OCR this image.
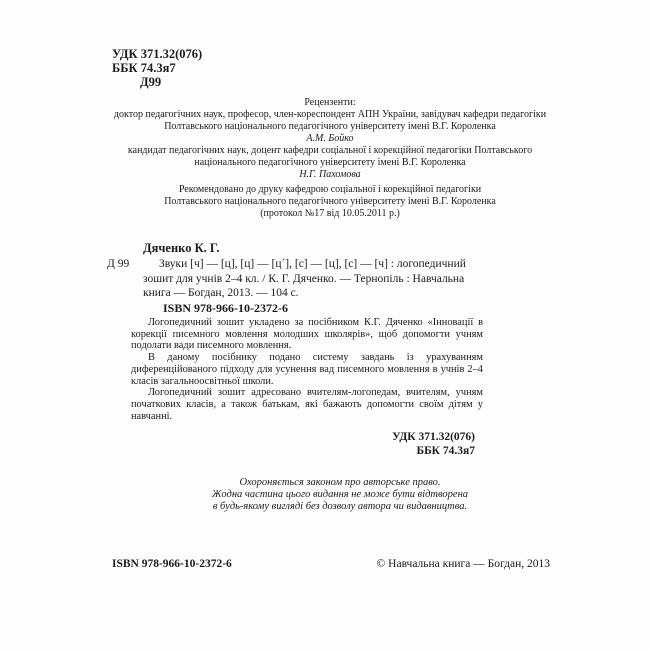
УДК 371.32(076)
ББК 74.3я7
Д99
Рецензенти:
доктор педагогічних наук, професор, член-кореспондент АПН України, завідувач кафедри педагогіки
Полтавського національного педагогічного університету імені В.Г. Короленка
А.М. Бойко
кандидат педагогічних наук, доцент кафедри соціальної і корекційної педагогіки Полтавського
національного педагогічного університету імені В.Г. Короленка
Н.Г. Пахомова
Рекомендовано до друку кафедрою соціальної і корекційної педагогіки
Полтавського національного педагогічного університету імені В.Г. Короленка
(протокол №17 від 10.05.2011 р.)
Дяченко К. Г.
Д 99	Звуки [ч] — [ц], [ц] — [ц´], [с] — [ц], [с] — [ч] : логопедичний
зошит для учнів 2–4 кл. / К. Г. Дяченко. — Тернопіль : Навчальна
книга — Богдан, 2013. — 104 с.
ISBN 978-966-10-2372-6

Логопедичний зошит укладено за посібником К.Г. Дяченко «Інновації в корекції писемного мовлення молодших школярів», щоб допомогти учням подолати вади писемного мовлення.

В даному посібнику подано систему завдань із урахуванням диференційованого підходу для усунення вад писемного мовлення в учнів 2–4 класів загальноосвітньої школи.

Логопедичний зошит адресовано вчителям-логопедам, вчителям, учням початкових класів, а також батькам, які бажають допомогти своїм дітям у навчанні.

УДК 371.32(076)
ББК 74.3я7
Охороняється законом про авторське право.
Жодна частина цього видання не може бути відтворена
в будь-якому вигляді без дозволу автора чи видавництва.
ISBN 978-966-10-2372-6	© Навчальна книга — Богдан, 2013
